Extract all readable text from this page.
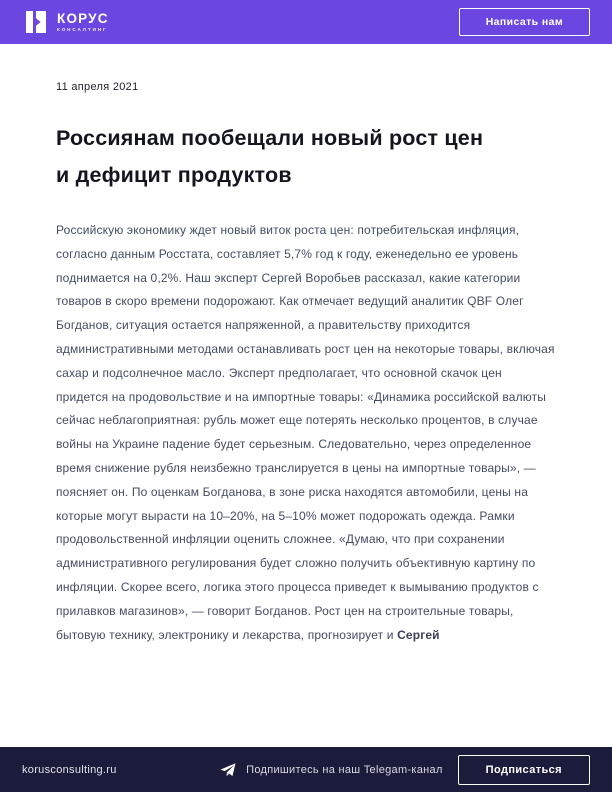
КОРУС
КОНСАЛТИНГ
Написать нам
11 апреля 2021
Россиянам пообещали новый рост цен
и дефицит продуктов

Российскую экономику ждет новый виток роста цен: потребительская инфляция, согласно данным Росстата, составляет 5,7% год к году, еженедельно ее уровень поднимается на 0,2%. Наш эксперт Сергей Воробьев рассказал, какие категории товаров в скоро времени подорожают. Как отмечает ведущий аналитик QBF Олег Богданов, ситуация остается напряженной, а правительству приходится административными методами останавливать рост цен на некоторые товары, включая сахар и подсолнечное масло. Эксперт предполагает, что основной скачок цен придется на продовольствие и на импортные товары: «Динамика российской валюты сейчас неблагоприятная: рубль может еще потерять несколько процентов, в случае войны на Украине падение будет серьезным. Следовательно, через определенное время снижение рубля неизбежно транслируется в цены на импортные товары», — поясняет он. По оценкам Богданова, в зоне риска находятся автомобили, цены на которые могут вырасти на 10–20%, на 5–10% может подорожать одежда. Рамки продовольственной инфляции оценить сложнее. «Думаю, что при сохранении административного регулирования будет сложно получить объективную картину по инфляции. Скорее всего, логика этого процесса приведет к вымыванию продуктов с прилавков магазинов», — говорит Богданов. Рост цен на строительные товары, бытовую технику, электронику и лекарства, прогнозирует и Сергей

korusconsulting.ru	Подпишитесь на наш Telegam-канал	Подписаться
